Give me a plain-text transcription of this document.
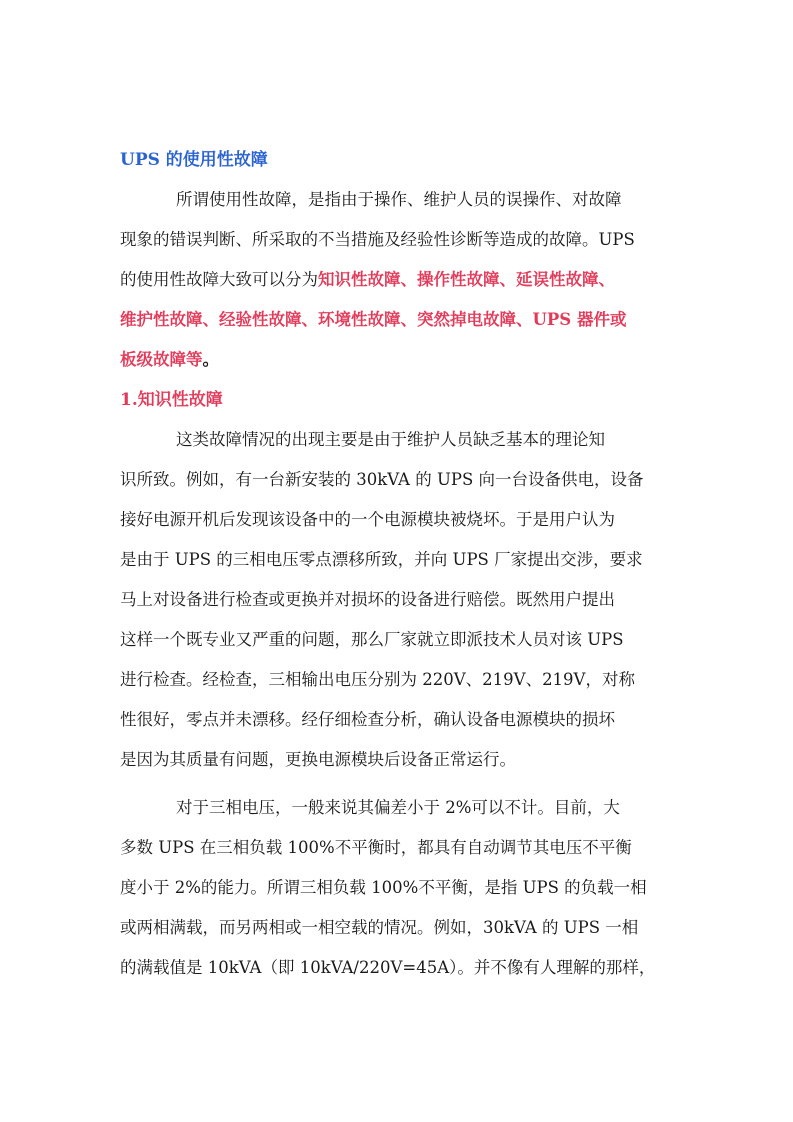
UPS 的使用性故障
所谓使用性故障，是指由于操作、维护人员的误操作、对故障
现象的错误判断、所采取的不当措施及经验性诊断等造成的故障。UPS
的使用性故障大致可以分为知识性故障、操作性故障、延误性故障、
维护性故障、经验性故障、环境性故障、突然掉电故障、UPS 器件或
板级故障等。
1.知识性故障
这类故障情况的出现主要是由于维护人员缺乏基本的理论知
识所致。例如，有一台新安装的 30kVA 的 UPS 向一台设备供电，设备
接好电源开机后发现该设备中的一个电源模块被烧坏。于是用户认为
是由于 UPS 的三相电压零点漂移所致，并向 UPS 厂家提出交涉，要求
马上对设备进行检查或更换并对损坏的设备进行赔偿。既然用户提出
这样一个既专业又严重的问题，那么厂家就立即派技术人员对该 UPS
进行检查。经检查，三相输出电压分别为 220V、219V、219V，对称
性很好，零点并未漂移。经仔细检查分析，确认设备电源模块的损坏
是因为其质量有问题，更换电源模块后设备正常运行。
对于三相电压，一般来说其偏差小于 2%可以不计。目前，大
多数 UPS 在三相负载 100%不平衡时，都具有自动调节其电压不平衡
度小于 2%的能力。所谓三相负载 100%不平衡，是指 UPS 的负载一相
或两相满载，而另两相或一相空载的情况。例如，30kVA 的 UPS 一相
的满载值是 10kVA（即 10kVA/220V=45A）。并不像有人理解的那样，
